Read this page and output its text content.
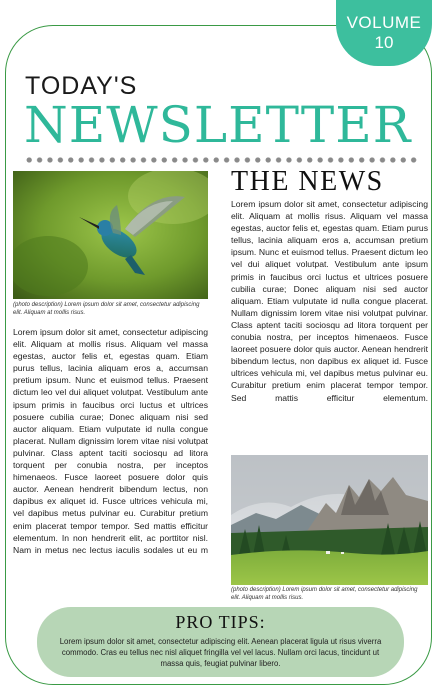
VOLUME
10
TODAY'S
NEWSLETTER
(photo description) Lorem ipsum dolor sit amet, consectetur adipiscing elit. Aliquam at mollis risus.
Lorem ipsum dolor sit amet, consectetur adipiscing elit. Aliquam at mollis risus. Aliquam vel massa egestas, auctor felis et, egestas quam. Etiam purus tellus, lacinia aliquam eros a, accumsan pretium ipsum. Nunc et euismod tellus. Praesent dictum leo vel dui aliquet volutpat. Vestibulum ante ipsum primis in faucibus orci luctus et ultrices posuere cubilia curae; Donec aliquam nisi sed auctor aliquam. Etiam vulputate id nulla congue placerat. Nullam dignissim lorem vitae nisi volutpat pulvinar. Class aptent taciti sociosqu ad litora torquent per conubia nostra, per inceptos himenaeos. Fusce laoreet posuere dolor quis auctor. Aenean hendrerit bibendum lectus, non dapibus ex aliquet id. Fusce ultrices vehicula mi, vel dapibus metus pulvinar eu. Curabitur pretium enim placerat tempor tempor. Sed mattis efficitur elementum. In non hendrerit elit, ac porttitor nisl. Nam in metus nec lectus iaculis sodales ut eu m
THE NEWS
Lorem ipsum dolor sit amet, consectetur adipiscing elit. Aliquam at mollis risus. Aliquam vel massa egestas, auctor felis et, egestas quam. Etiam purus tellus, lacinia aliquam eros a, accumsan pretium ipsum. Nunc et euismod tellus. Praesent dictum leo vel dui aliquet volutpat. Vestibulum ante ipsum primis in faucibus orci luctus et ultrices posuere cubilia curae; Donec aliquam nisi sed auctor aliquam. Etiam vulputate id nulla congue placerat. Nullam dignissim lorem vitae nisi volutpat pulvinar. Class aptent taciti sociosqu ad litora torquent per conubia nostra, per inceptos himenaeos. Fusce laoreet posuere dolor quis auctor. Aenean hendrerit bibendum lectus, non dapibus ex aliquet id. Fusce ultrices vehicula mi, vel dapibus metus pulvinar eu. Curabitur pretium enim placerat tempor tempor. Sed mattis efficitur elementum.
(photo description) Lorem ipsum dolor sit amet, consectetur adipiscing elit. Aliquam at mollis risus.
PRO TIPS:
Lorem ipsum dolor sit amet, consectetur adipiscing elit. Aenean placerat ligula ut risus viverra commodo. Cras eu tellus nec nisl aliquet fringilla vel vel lacus. Nullam orci lacus, tincidunt ut massa quis, feugiat pulvinar libero.
